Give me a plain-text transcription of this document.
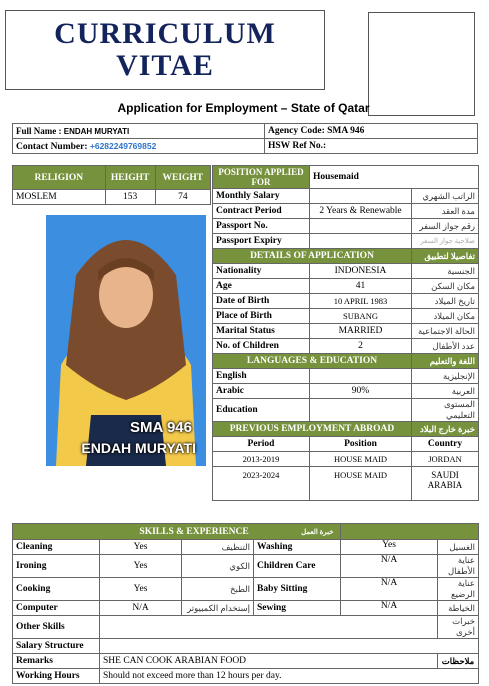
CURRICULUM
VITAE
Application for Employment – State of Qatar
Full Name : ENDAH MURYATI	Agency Code: SMA 946
Contact Number: +6282249769852	HSW Ref No.:
RELIGION	HEIGHT	WEIGHT
MOSLEM	153	74
SMA 946
ENDAH MURYATI
POSITION APPLIED FOR	Housemaid	
Monthly Salary		الراتب الشهري
Contract Period	2 Years & Renewable	مدة العقد
Passport No.		رقم جواز السفر
Passport Expiry		صلاحية جواز السفر
DETAILS OF APPLICATION		تفاصيلا لتطبيق
Nationality	INDONESIA	الجنسية
Age	41	مكان السكن
Date of Birth	10 APRIL 1983	تاريخ الميلاد
Place of Birth	SUBANG	مكان الميلاد
Marital Status	MARRIED	الحالة الاجتماعية
No. of Children	2	عدد الأطفال
LANGUAGES & EDUCATION		اللغة والتعليم
English		الإنجليزية
Arabic	90%	العربية
Education		المستوى التعليمي
PREVIOUS EMPLOYMENT ABROAD		خبرة خارج البلاد
Period	Position	Country
2013-2019	HOUSE MAID	JORDAN
2023-2024	HOUSE MAID	SAUDI ARABIA
SKILLS & EXPERIENCE خبرة العمل					
Cleaning	Yes	التنظيف	Washing	Yes	الغسيل
Ironing	Yes	الكوي	Children Care	N/A	عناية الأطفال
Cooking	Yes	الطبخ	Baby Sitting	N/A	عناية الرضيع
Computer	N/A	إستخدام الكمبيوتر	Sewing	N/A	الخياطة
Other Skills					خبرات أخرى
Salary Structure					
Remarks	SHE CAN COOK ARABIAN FOOD				ملاحظات
Working Hours	Should not exceed more than 12 hours per day.				
